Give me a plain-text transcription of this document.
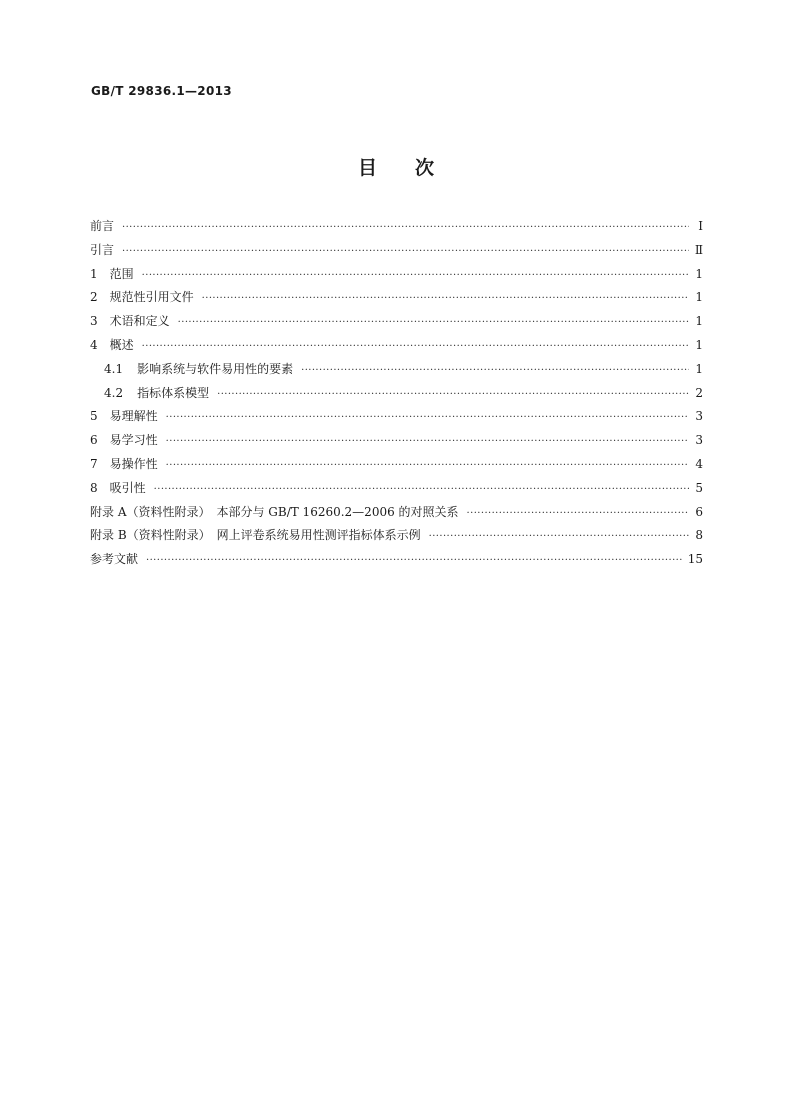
GB/T 29836.1—2013
目次
前言 ·····	Ⅰ
引言 ·····	Ⅱ
1 范围 ·····	1
2 规范性引用文件 ·····	1
3 术语和定义 ·····	1
4 概述 ·····	1
4.1 影响系统与软件易用性的要素 ·····	1
4.2 指标体系模型 ·····	2
5 易理解性 ·····	3
6 易学习性 ·····	3
7 易操作性 ·····	4
8 吸引性 ·····	5
附录 A（资料性附录）　本部分与 GB/T 16260.2—2006 的对照关系 ·····	6
附录 B（资料性附录）　网上评卷系统易用性测评指标体系示例 ·····	8
参考文献 ·····	15
